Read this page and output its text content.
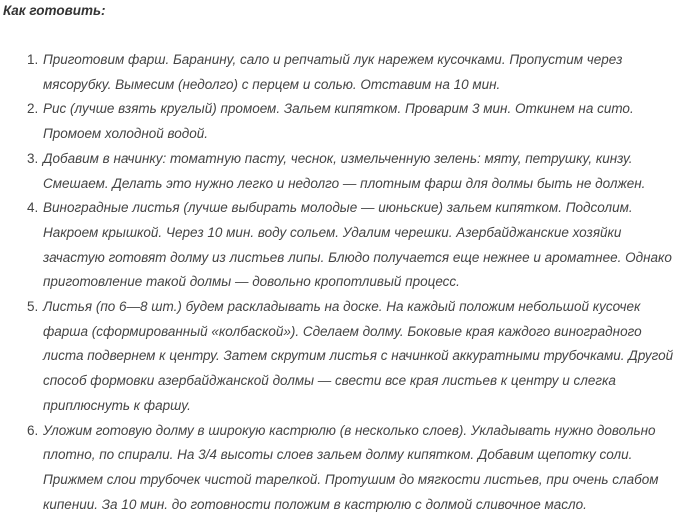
Как готовить:
1. Приготовим фарш. Баранину, сало и репчатый лук нарежем кусочками. Пропустим через мясорубку. Вымесим (недолго) с перцем и солью. Отставим на 10 мин.
2. Рис (лучше взять круглый) промоем. Зальем кипятком. Проварим 3 мин. Откинем на сито. Промоем холодной водой.
3. Добавим в начинку: томатную пасту, чеснок, измельченную зелень: мяту, петрушку, кинзу. Смешаем. Делать это нужно легко и недолго — плотным фарш для долмы быть не должен.
4. Виноградные листья (лучше выбирать молодые — июньские) зальем кипятком. Подсолим. Накроем крышкой. Через 10 мин. воду сольем. Удалим черешки. Азербайджанские хозяйки зачастую готовят долму из листьев липы. Блюдо получается еще нежнее и ароматнее. Однако приготовление такой долмы — довольно кропотливый процесс.
5. Листья (по 6—8 шт.) будем раскладывать на доске. На каждый положим небольшой кусочек фарша (сформированный «колбаской»). Сделаем долму. Боковые края каждого виноградного листа подвернем к центру. Затем скрутим листья с начинкой аккуратными трубочками. Другой способ формовки азербайджанской долмы — свести все края листьев к центру и слегка приплюснуть к фаршу.
6. Уложим готовую долму в широкую кастрюлю (в несколько слоев). Укладывать нужно довольно плотно, по спирали. На 3/4 высоты слоев зальем долму кипятком. Добавим щепотку соли. Прижмем слои трубочек чистой тарелкой. Протушим до мягкости листьев, при очень слабом кипении. За 10 мин. до готовности положим в кастрюлю с долмой сливочное масло.
